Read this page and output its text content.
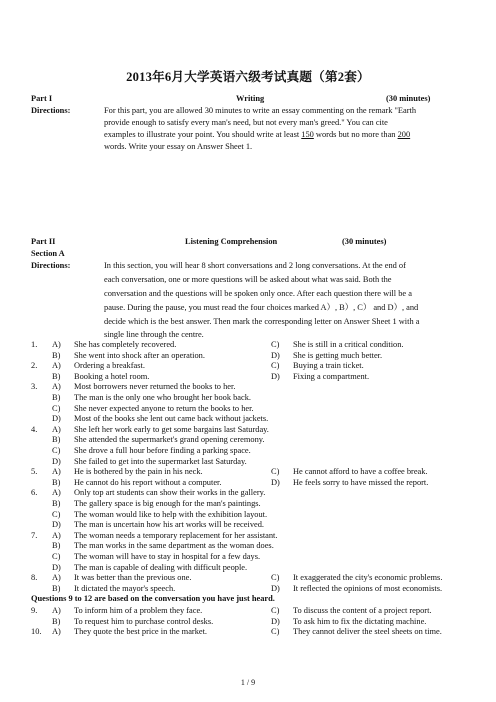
2013年6月大学英语六级考试真题（第2套）
Part I	Writing	(30 minutes)
Directions:	For this part, you are allowed 30 minutes to write an essay commenting on the remark "Earth
provide enough to satisfy every man's need, but not every man's greed." You can cite
examples to illustrate your point. You should write at least 150 words but no more than 200
words. Write your essay on Answer Sheet 1.
Part II	Listening Comprehension	(30 minutes)
Section A
Directions:	In this section, you will hear 8 short conversations and 2 long conversations. At the end of
each conversation, one or more questions will be asked about what was said. Both the
conversation and the questions will be spoken only once. After each question there will be a
pause. During the pause, you must read the four choices marked A）, B）, C） and D）, and
decide which is the best answer. Then mark the corresponding letter on Answer Sheet 1 with a
single line through the centre.
1. A) She has completely recovered.	C) She is still in a critical condition.
B) She went into shock after an operation.	D) She is getting much better.
2. A) Ordering a breakfast.	C) Buying a train ticket.
B) Booking a hotel room.	D) Fixing a compartment.
3. A) Most borrowers never returned the books to her.
B) The man is the only one who brought her book back.
C) She never expected anyone to return the books to her.
D) Most of the books she lent out came back without jackets.
4. A) She left her work early to get some bargains last Saturday.
B) She attended the supermarket's grand opening ceremony.
C) She drove a full hour before finding a parking space.
D) She failed to get into the supermarket last Saturday.
5. A) He is bothered by the pain in his neck.	C) He cannot afford to have a coffee break.
B) He cannot do his report without a computer.	D) He feels sorry to have missed the report.
6. A) Only top art students can show their works in the gallery.
B) The gallery space is big enough for the man's paintings.
C) The woman would like to help with the exhibition layout.
D) The man is uncertain how his art works will be received.
7. A) The woman needs a temporary replacement for her assistant.
B) The man works in the same department as the woman does.
C) The woman will have to stay in hospital for a few days.
D) The man is capable of dealing with difficult people.
8. A) It was better than the previous one.	C) It exaggerated the city's economic problems.
B) It dictated the mayor's speech.	D) It reflected the opinions of most economists.
Questions 9 to 12 are based on the conversation you have just heard.
9. A) To inform him of a problem they face.	C) To discuss the content of a project report.
B) To request him to purchase control desks.	D) To ask him to fix the dictating machine.
10. A) They quote the best price in the market.	C) They cannot deliver the steel sheets on time.
1 / 9
